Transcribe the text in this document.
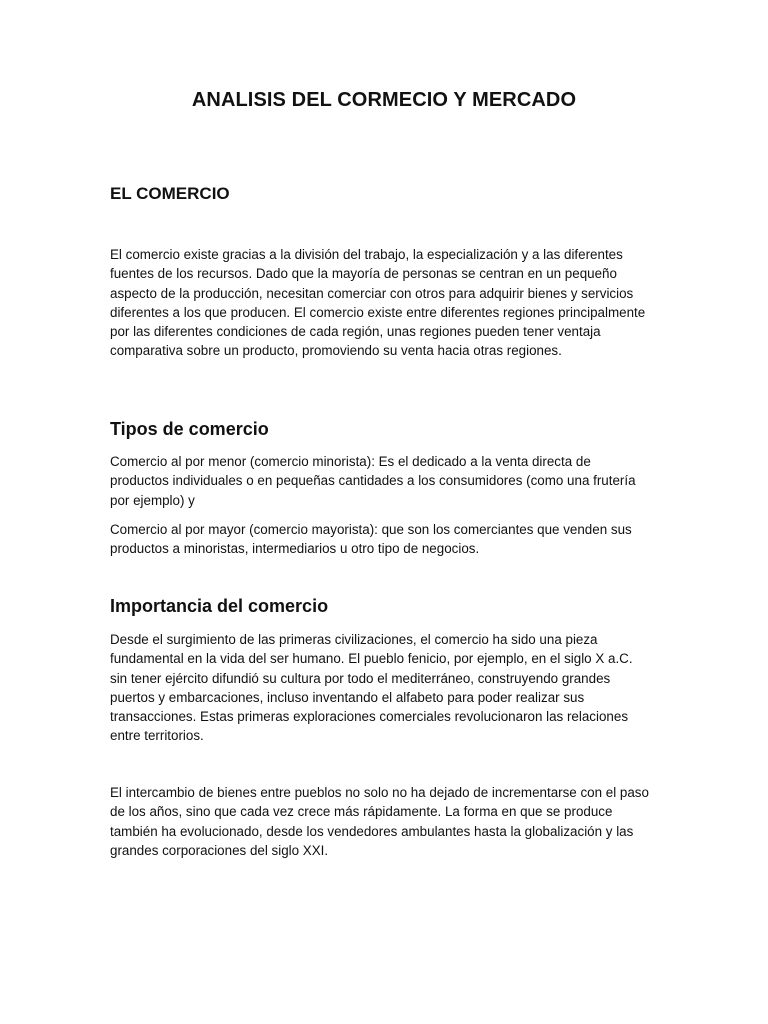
ANALISIS DEL CORMECIO Y MERCADO
EL COMERCIO

El comercio existe gracias a la división del trabajo, la especialización y a las diferentes fuentes de los recursos. Dado que la mayoría de personas se centran en un pequeño aspecto de la producción, necesitan comerciar con otros para adquirir bienes y servicios diferentes a los que producen. El comercio existe entre diferentes regiones principalmente por las diferentes condiciones de cada región, unas regiones pueden tener ventaja comparativa sobre un producto, promoviendo su venta hacia otras regiones.

Tipos de comercio

Comercio al por menor (comercio minorista): Es el dedicado a la venta directa de productos individuales o en pequeñas cantidades a los consumidores (como una frutería por ejemplo) y

Comercio al por mayor (comercio mayorista): que son los comerciantes que venden sus productos a minoristas, intermediarios u otro tipo de negocios.

Importancia del comercio

Desde el surgimiento de las primeras civilizaciones, el comercio ha sido una pieza fundamental en la vida del ser humano. El pueblo fenicio, por ejemplo, en el siglo X a.C. sin tener ejército difundió su cultura por todo el mediterráneo, construyendo grandes puertos y embarcaciones, incluso inventando el alfabeto para poder realizar sus transacciones. Estas primeras exploraciones comerciales revolucionaron las relaciones entre territorios.

El intercambio de bienes entre pueblos no solo no ha dejado de incrementarse con el paso de los años, sino que cada vez crece más rápidamente. La forma en que se produce también ha evolucionado, desde los vendedores ambulantes hasta la globalización y las grandes corporaciones del siglo XXI.
